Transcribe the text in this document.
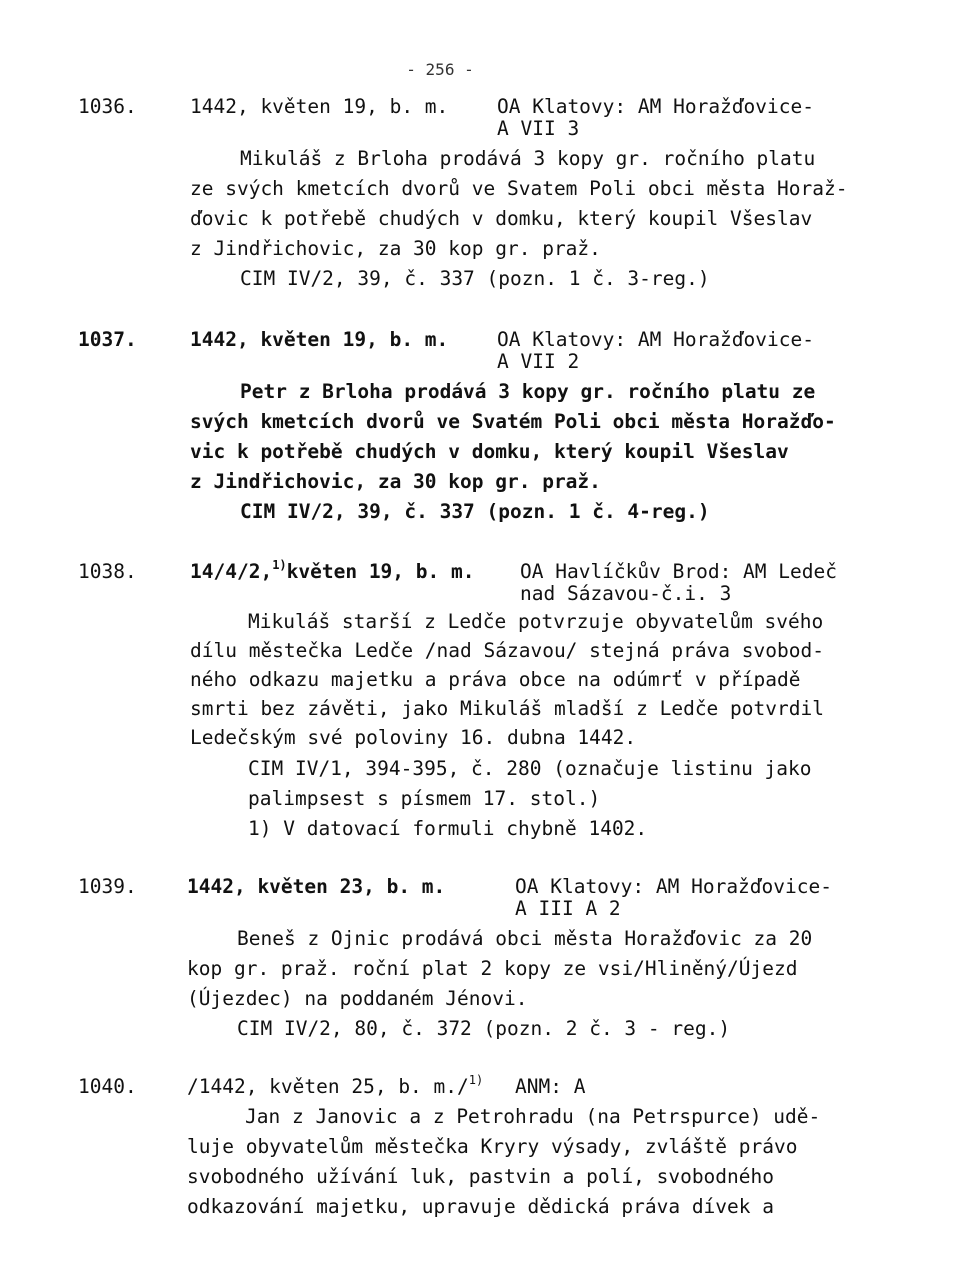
- 256 -
1036.	1442, květen 19, b. m. OA Klatovy: AM Horažďovice-
A VII 3
Mikuláš z Brloha prodává 3 kopy gr. ročního platu
ze svých kmetcích dvorů ve Svatem Poli obci města Horaž-
ďovic k potřebě chudých v domku, který koupil Všeslav
z Jindřichovic, za 30 kop gr. praž.
CIM IV/2, 39, č. 337 (pozn. 1 č. 3-reg.)
1037.	1442, květen 19, b. m. OA Klatovy: AM Horažďovice-
A VII 2
Petr z Brloha prodává 3 kopy gr. ročního platu ze
svých kmetcích dvorů ve Svatém Poli obci města Horažďo-
vic k potřebě chudých v domku, který koupil Všeslav
z Jindřichovic, za 30 kop gr. praž.
CIM IV/2, 39, č. 337 (pozn. 1 č. 4-reg.)
1038.	14/4/2,$^{1)}$květen 19, b. m. OA Havlíčkův Brod: AM Ledeč
nad Sázavou-č.i. 3
Mikuláš starší z Ledče potvrzuje obyvatelům svého
dílu městečka Ledče /nad Sázavou/ stejná práva svobod-
ného odkazu majetku a práva obce na odúmrť v případě
smrti bez závěti, jako Mikuláš mladší z Ledče potvrdil
Ledečským své poloviny 16. dubna 1442.
CIM IV/1, 394-395, č. 280 (označuje listinu jako
palimpsest s písmem 17. stol.)
1) V datovací formuli chybně 1402.
1039.	1442, květen 23, b. m.	OA Klatovy: AM Horažďovice-
A III A 2
Beneš z Ojnic prodává obci města Horažďovic za 20
kop gr. praž. roční plat 2 kopy ze vsi/Hliněný/Újezd
(Újezdec) na poddaném Jénovi.
CIM IV/2, 80, č. 372 (pozn. 2 č. 3 - reg.)
1040.	/1442, květen 25, b. m./$^{1)}$ ANM: A
Jan z Janovic a z Petrohradu (na Petrspurce) udě-
luje obyvatelům městečka Kryry výsady, zvláště právo
svobodného užívání luk, pastvin a polí, svobodného
odkazování majetku, upravuje dědická práva dívek a
